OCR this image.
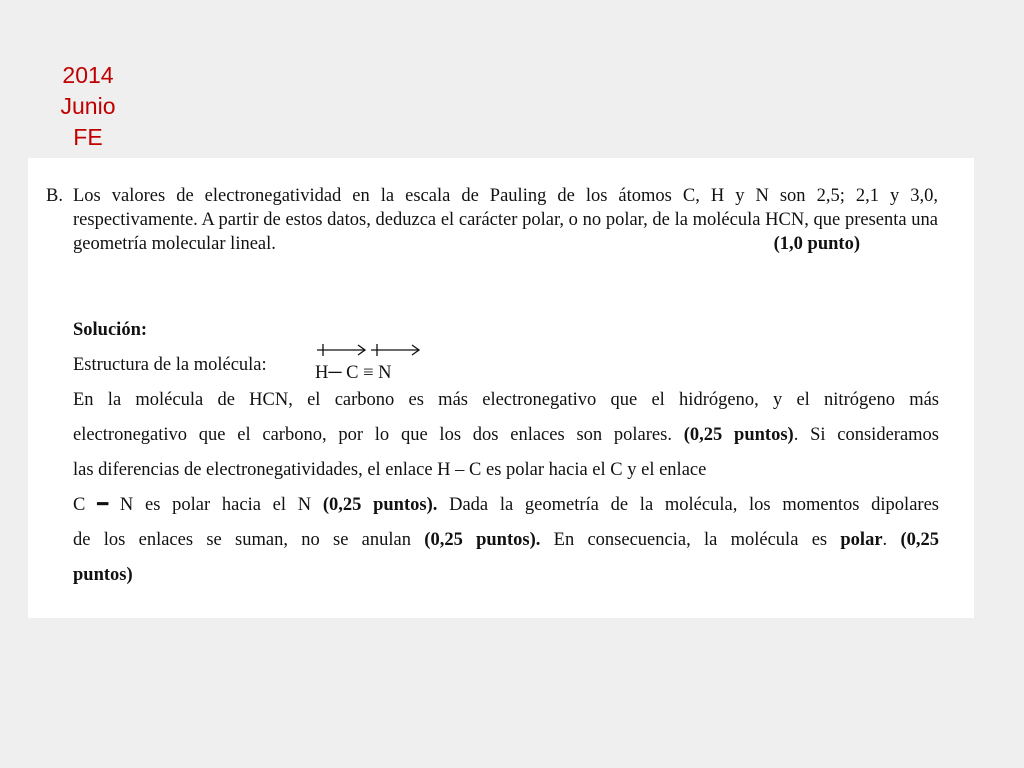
2014
Junio
FE
B. Los valores de electronegatividad en la escala de Pauling de los átomos C, H y N son 2,5; 2,1 y 3,0, respectivamente. A partir de estos datos, deduzca el carácter polar, o no polar, de la molécula HCN, que presenta una geometría molecular lineal.	(1,0 punto)
Solución:
Estructura de la molécula:	H─ C ≡ N
En la molécula de HCN, el carbono es más electronegativo que el hidrógeno, y el nitrógeno más
electronegativo que el carbono, por lo que los dos enlaces son polares. (0,25 puntos). Si consideramos
las diferencias de electronegatividades, el enlace H – C es polar hacia el C y el enlace
C ━ N es polar hacia el N (0,25 puntos). Dada la geometría de la molécula, los momentos dipolares
de los enlaces se suman, no se anulan (0,25 puntos). En consecuencia, la molécula es polar. (0,25
puntos)
